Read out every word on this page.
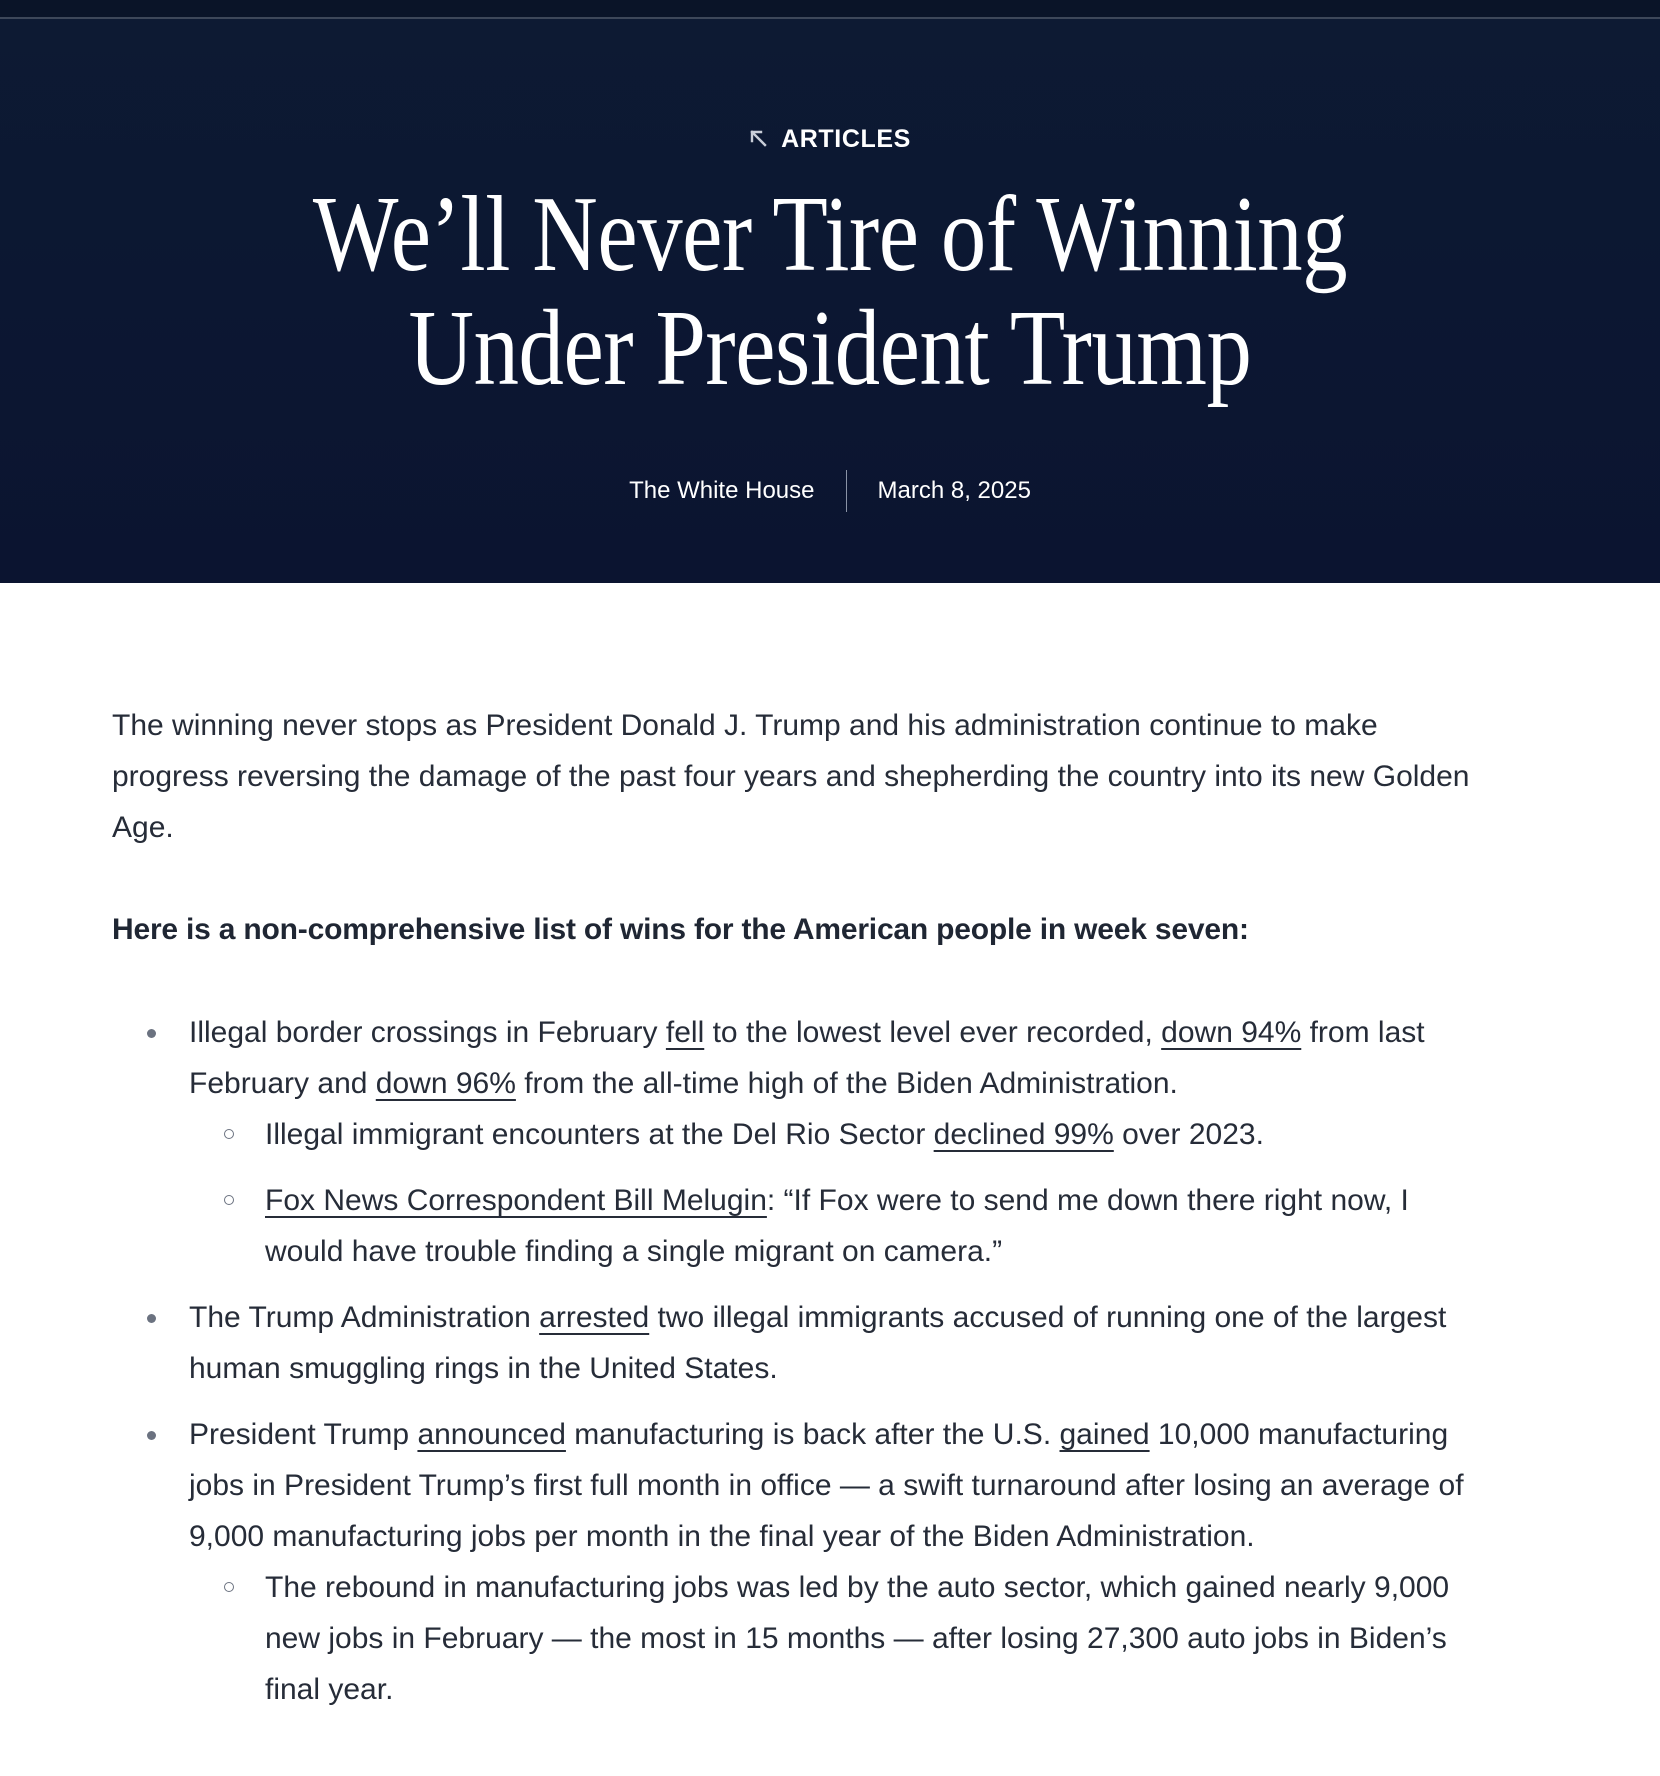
ARTICLES
We’ll Never Tire of Winning
Under President Trump
The White House	March 8, 2025

The winning never stops as President Donald J. Trump and his administration continue to make progress reversing the damage of the past four years and shepherding the country into its new Golden Age.

Here is a non-comprehensive list of wins for the American people in week seven:

Illegal border crossings in February fell to the lowest level ever recorded, down 94% from last February and down 96% from the all-time high of the Biden Administration.
Illegal immigrant encounters at the Del Rio Sector declined 99% over 2023.
Fox News Correspondent Bill Melugin: “If Fox were to send me down there right now, I would have trouble finding a single migrant on camera.”
The Trump Administration arrested two illegal immigrants accused of running one of the largest human smuggling rings in the United States.
President Trump announced manufacturing is back after the U.S. gained 10,000 manufacturing jobs in President Trump’s first full month in office — a swift turnaround after losing an average of 9,000 manufacturing jobs per month in the final year of the Biden Administration.
The rebound in manufacturing jobs was led by the auto sector, which gained nearly 9,000 new jobs in February — the most in 15 months — after losing 27,300 auto jobs in Biden’s final year.
